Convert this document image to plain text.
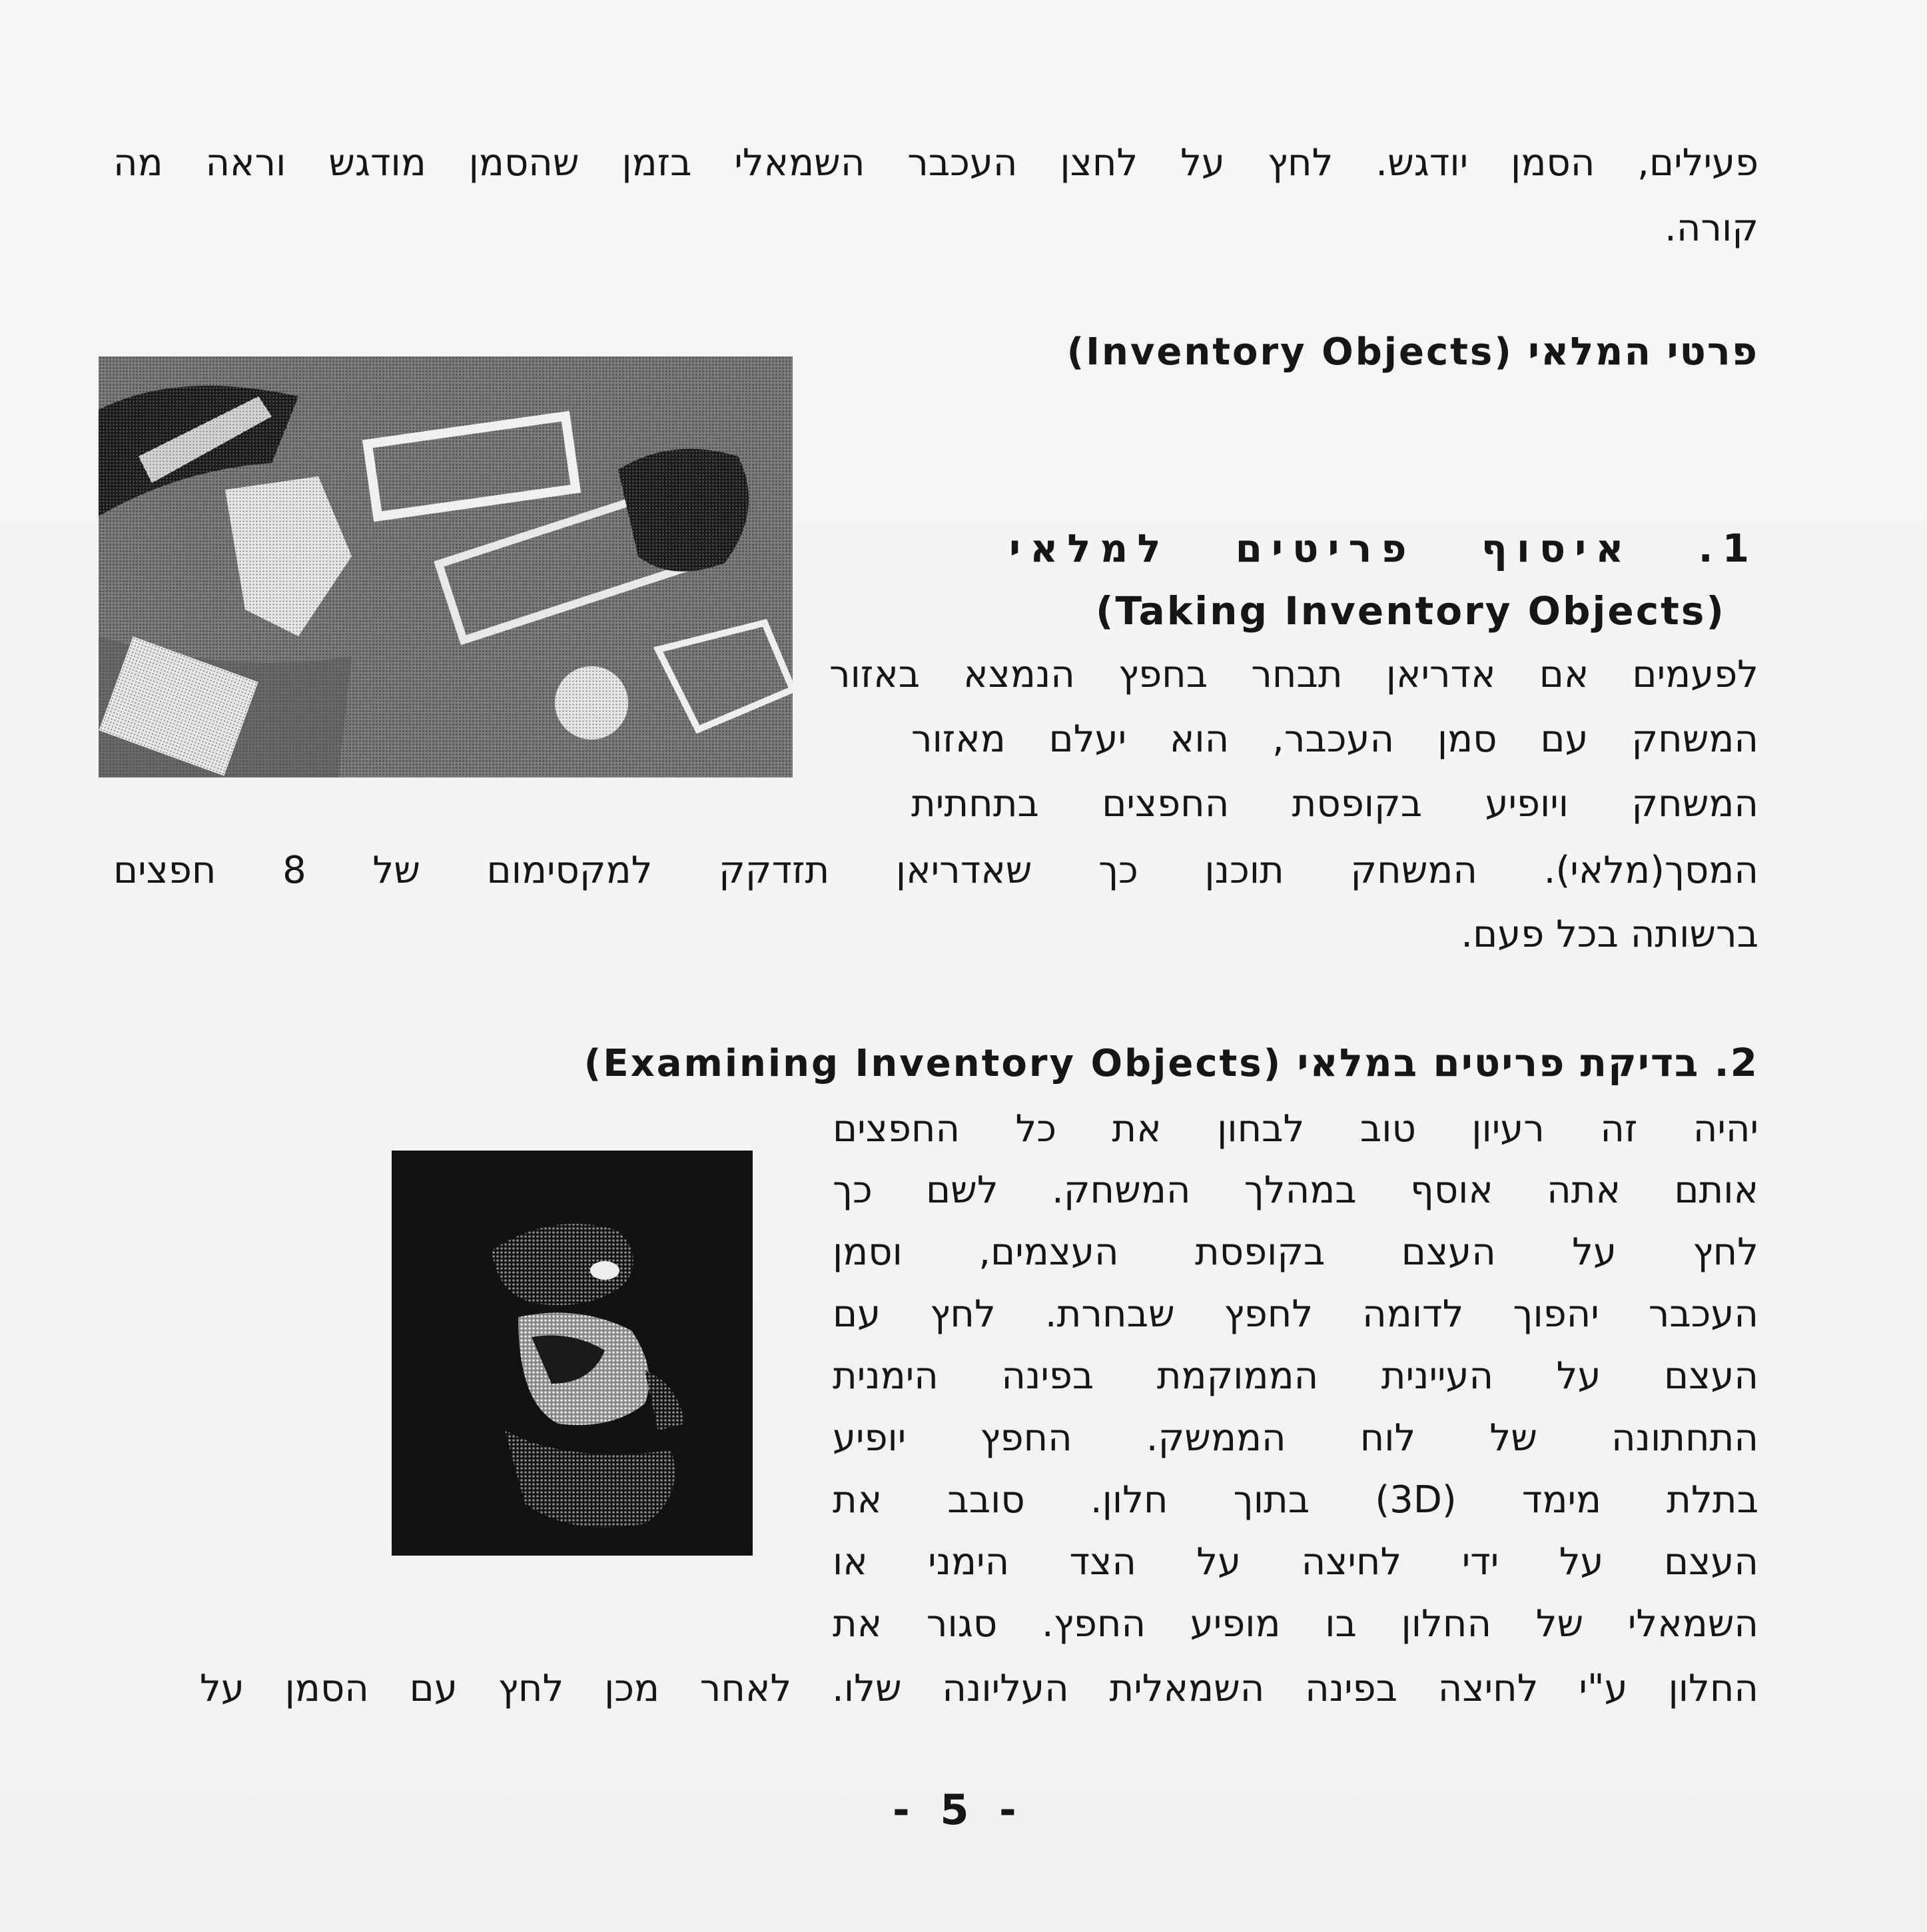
פעילים, הסמן יודגש. לחץ על לחצן העכבר השמאלי בזמן שהסמן מודגש וראה מה
קורה.
פרטי המלאי (Inventory Objects)
1. איסוף פריטים למלאי
(Taking Inventory Objects)
לפעמים אם אדריאן תבחר בחפץ הנמצא באזור
המשחק עם סמן העכבר, הוא יעלם מאזור
המשחק ויופיע בקופסת החפצים בתחתית
המסך(מלאי). המשחק תוכנן כך שאדריאן תזדקק למקסימום של 8 חפצים
ברשותה בכל פעם.
2. בדיקת פריטים במלאי (Examining Inventory Objects)
יהיה זה רעיון טוב לבחון את כל החפצים
אותם אתה אוסף במהלך המשחק. לשם כך
לחץ על העצם בקופסת העצמים, וסמן
העכבר יהפוך לדומה לחפץ שבחרת. לחץ עם
העצם על העיינית הממוקמת בפינה הימנית
התחתונה של לוח הממשק. החפץ יופיע
בתלת מימד (3D) בתוך חלון. סובב את
העצם על ידי לחיצה על הצד הימני או
השמאלי של החלון בו מופיע החפץ. סגור את
החלון ע"י לחיצה בפינה השמאלית העליונה שלו. לאחר מכן לחץ עם הסמן על
- 5 -
